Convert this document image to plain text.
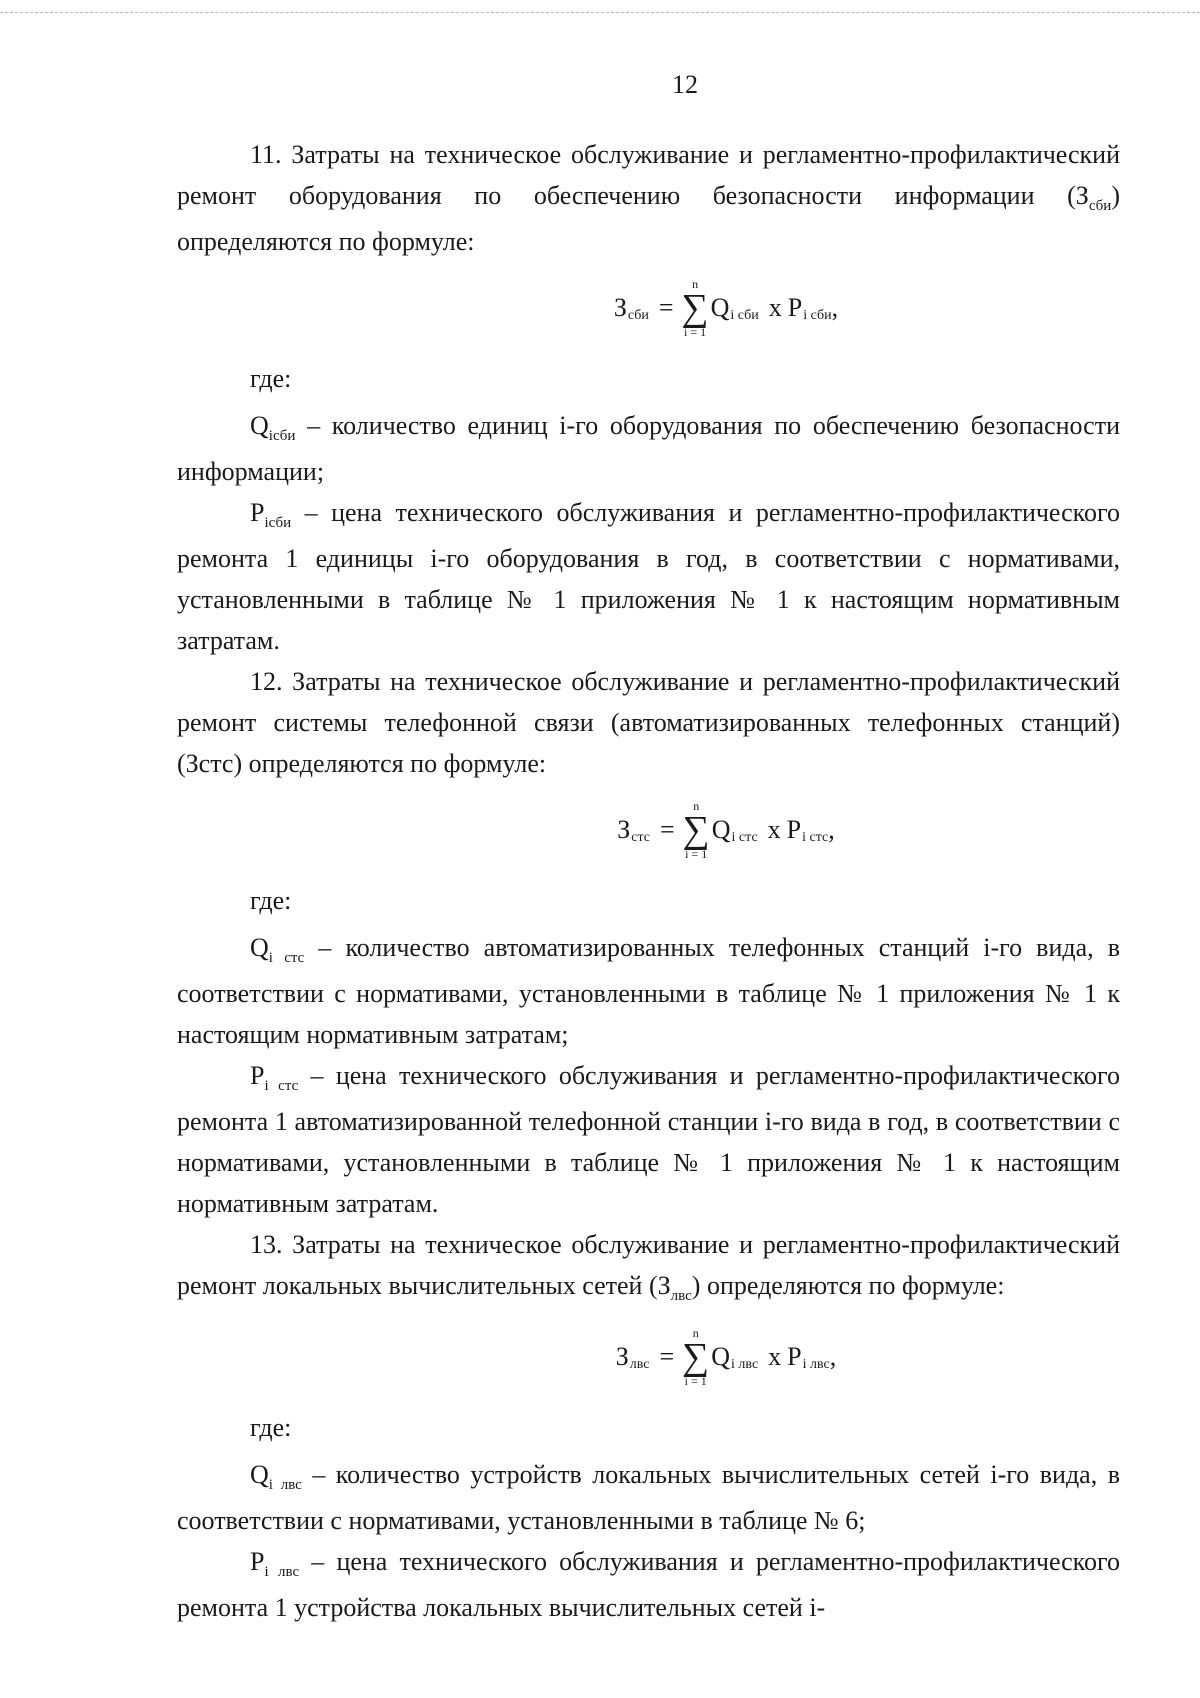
12

11. Затраты на техническое обслуживание и регламентно-профилактический ремонт оборудования по обеспечению безопасности информации $(З_{сби})$ определяются по формуле:

З сби =
n
∑
i = 1
Q i сби x P i сби ,

где:

$Q_{iсби}$ – количество единиц i-го оборудования по обеспечению безопасности информации;

$P_{iсби}$ – цена технического обслуживания и регламентно-профилактического ремонта 1 единицы i-го оборудования в год, в соответствии с нормативами, установленными в таблице № 1 приложения № 1 к настоящим нормативным затратам.

12. Затраты на техническое обслуживание и регламентно-профилактический ремонт системы телефонной связи (автоматизированных телефонных станций) (Зстс) определяются по формуле:

З стс =
n
∑
i = 1
Q i стс x P i стс ,

где:

$Q_{i стс}$ – количество автоматизированных телефонных станций i-го вида, в соответствии с нормативами, установленными в таблице № 1 приложения № 1 к настоящим нормативным затратам;

$P_{i стс}$ – цена технического обслуживания и регламентно-профилактического ремонта 1 автоматизированной телефонной станции i-го вида в год, в соответствии с нормативами, установленными в таблице № 1 приложения № 1 к настоящим нормативным затратам.

13. Затраты на техническое обслуживание и регламентно-профилактический ремонт локальных вычислительных сетей $(З_{лвс})$ определяются по формуле:

З лвс =
n
∑
i = 1
Q i лвс x P i лвс ,

где:

$Q_{i лвс}$ – количество устройств локальных вычислительных сетей i-го вида, в соответствии с нормативами, установленными в таблице № 6;

$P_{i лвс}$ – цена технического обслуживания и регламентно-профилактического ремонта 1 устройства локальных вычислительных сетей i-
